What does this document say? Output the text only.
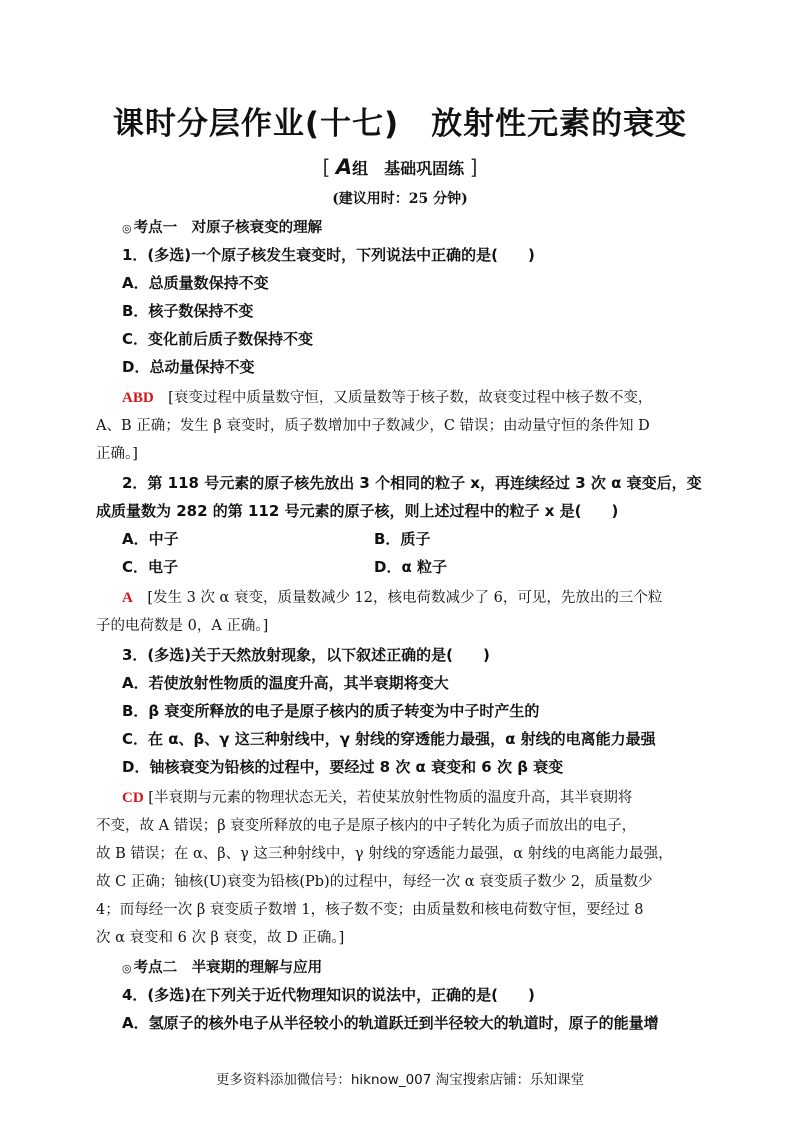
课时分层作业(十七)　放射性元素的衰变
[ A组　基础巩固练 ]
(建议用时：25 分钟)
◎ 考点一　对原子核衰变的理解
1．(多选)一个原子核发生衰变时，下列说法中正确的是(　　)
A．总质量数保持不变
B．核子数保持不变
C．变化前后质子数保持不变
D．总动量保持不变
ABD　 [衰变过程中质量数守恒，又质量数等于核子数，故衰变过程中核子数不变，
A、B 正确；发生 β 衰变时，质子数增加中子数减少，C 错误；由动量守恒的条件知 D
正确。]
2．第 118 号元素的原子核先放出 3 个相同的粒子 x，再连续经过 3 次 α 衰变后，变
成质量数为 282 的第 112 号元素的原子核，则上述过程中的粒子 x 是(　　)
A．中子	B．质子
C．电子	D．α 粒子
A　 [发生 3 次 α 衰变，质量数减少 12，核电荷数减少了 6，可见，先放出的三个粒
子的电荷数是 0，A 正确。]
3．(多选)关于天然放射现象，以下叙述正确的是(　　)
A．若使放射性物质的温度升高，其半衰期将变大
B．β 衰变所释放的电子是原子核内的质子转变为中子时产生的
C．在 α、β、γ 这三种射线中，γ 射线的穿透能力最强，α 射线的电离能力最强
D．铀核衰变为铅核的过程中，要经过 8 次 α 衰变和 6 次 β 衰变
CD [半衰期与元素的物理状态无关，若使某放射性物质的温度升高，其半衰期将
不变，故 A 错误；β 衰变所释放的电子是原子核内的中子转化为质子而放出的电子，
故 B 错误；在 α、β、γ 这三种射线中，γ 射线的穿透能力最强，α 射线的电离能力最强，
故 C 正确；铀核(U)衰变为铅核(Pb)的过程中，每经一次 α 衰变质子数少 2，质量数少
4；而每经一次 β 衰变质子数增 1，核子数不变；由质量数和核电荷数守恒，要经过 8
次 α 衰变和 6 次 β 衰变，故 D 正确。]
◎ 考点二　半衰期的理解与应用
4．(多选)在下列关于近代物理知识的说法中，正确的是(　　)
A．氢原子的核外电子从半径较小的轨道跃迁到半径较大的轨道时，原子的能量增
更多资料添加微信号：hiknow_007 淘宝搜索店铺：乐知课堂
